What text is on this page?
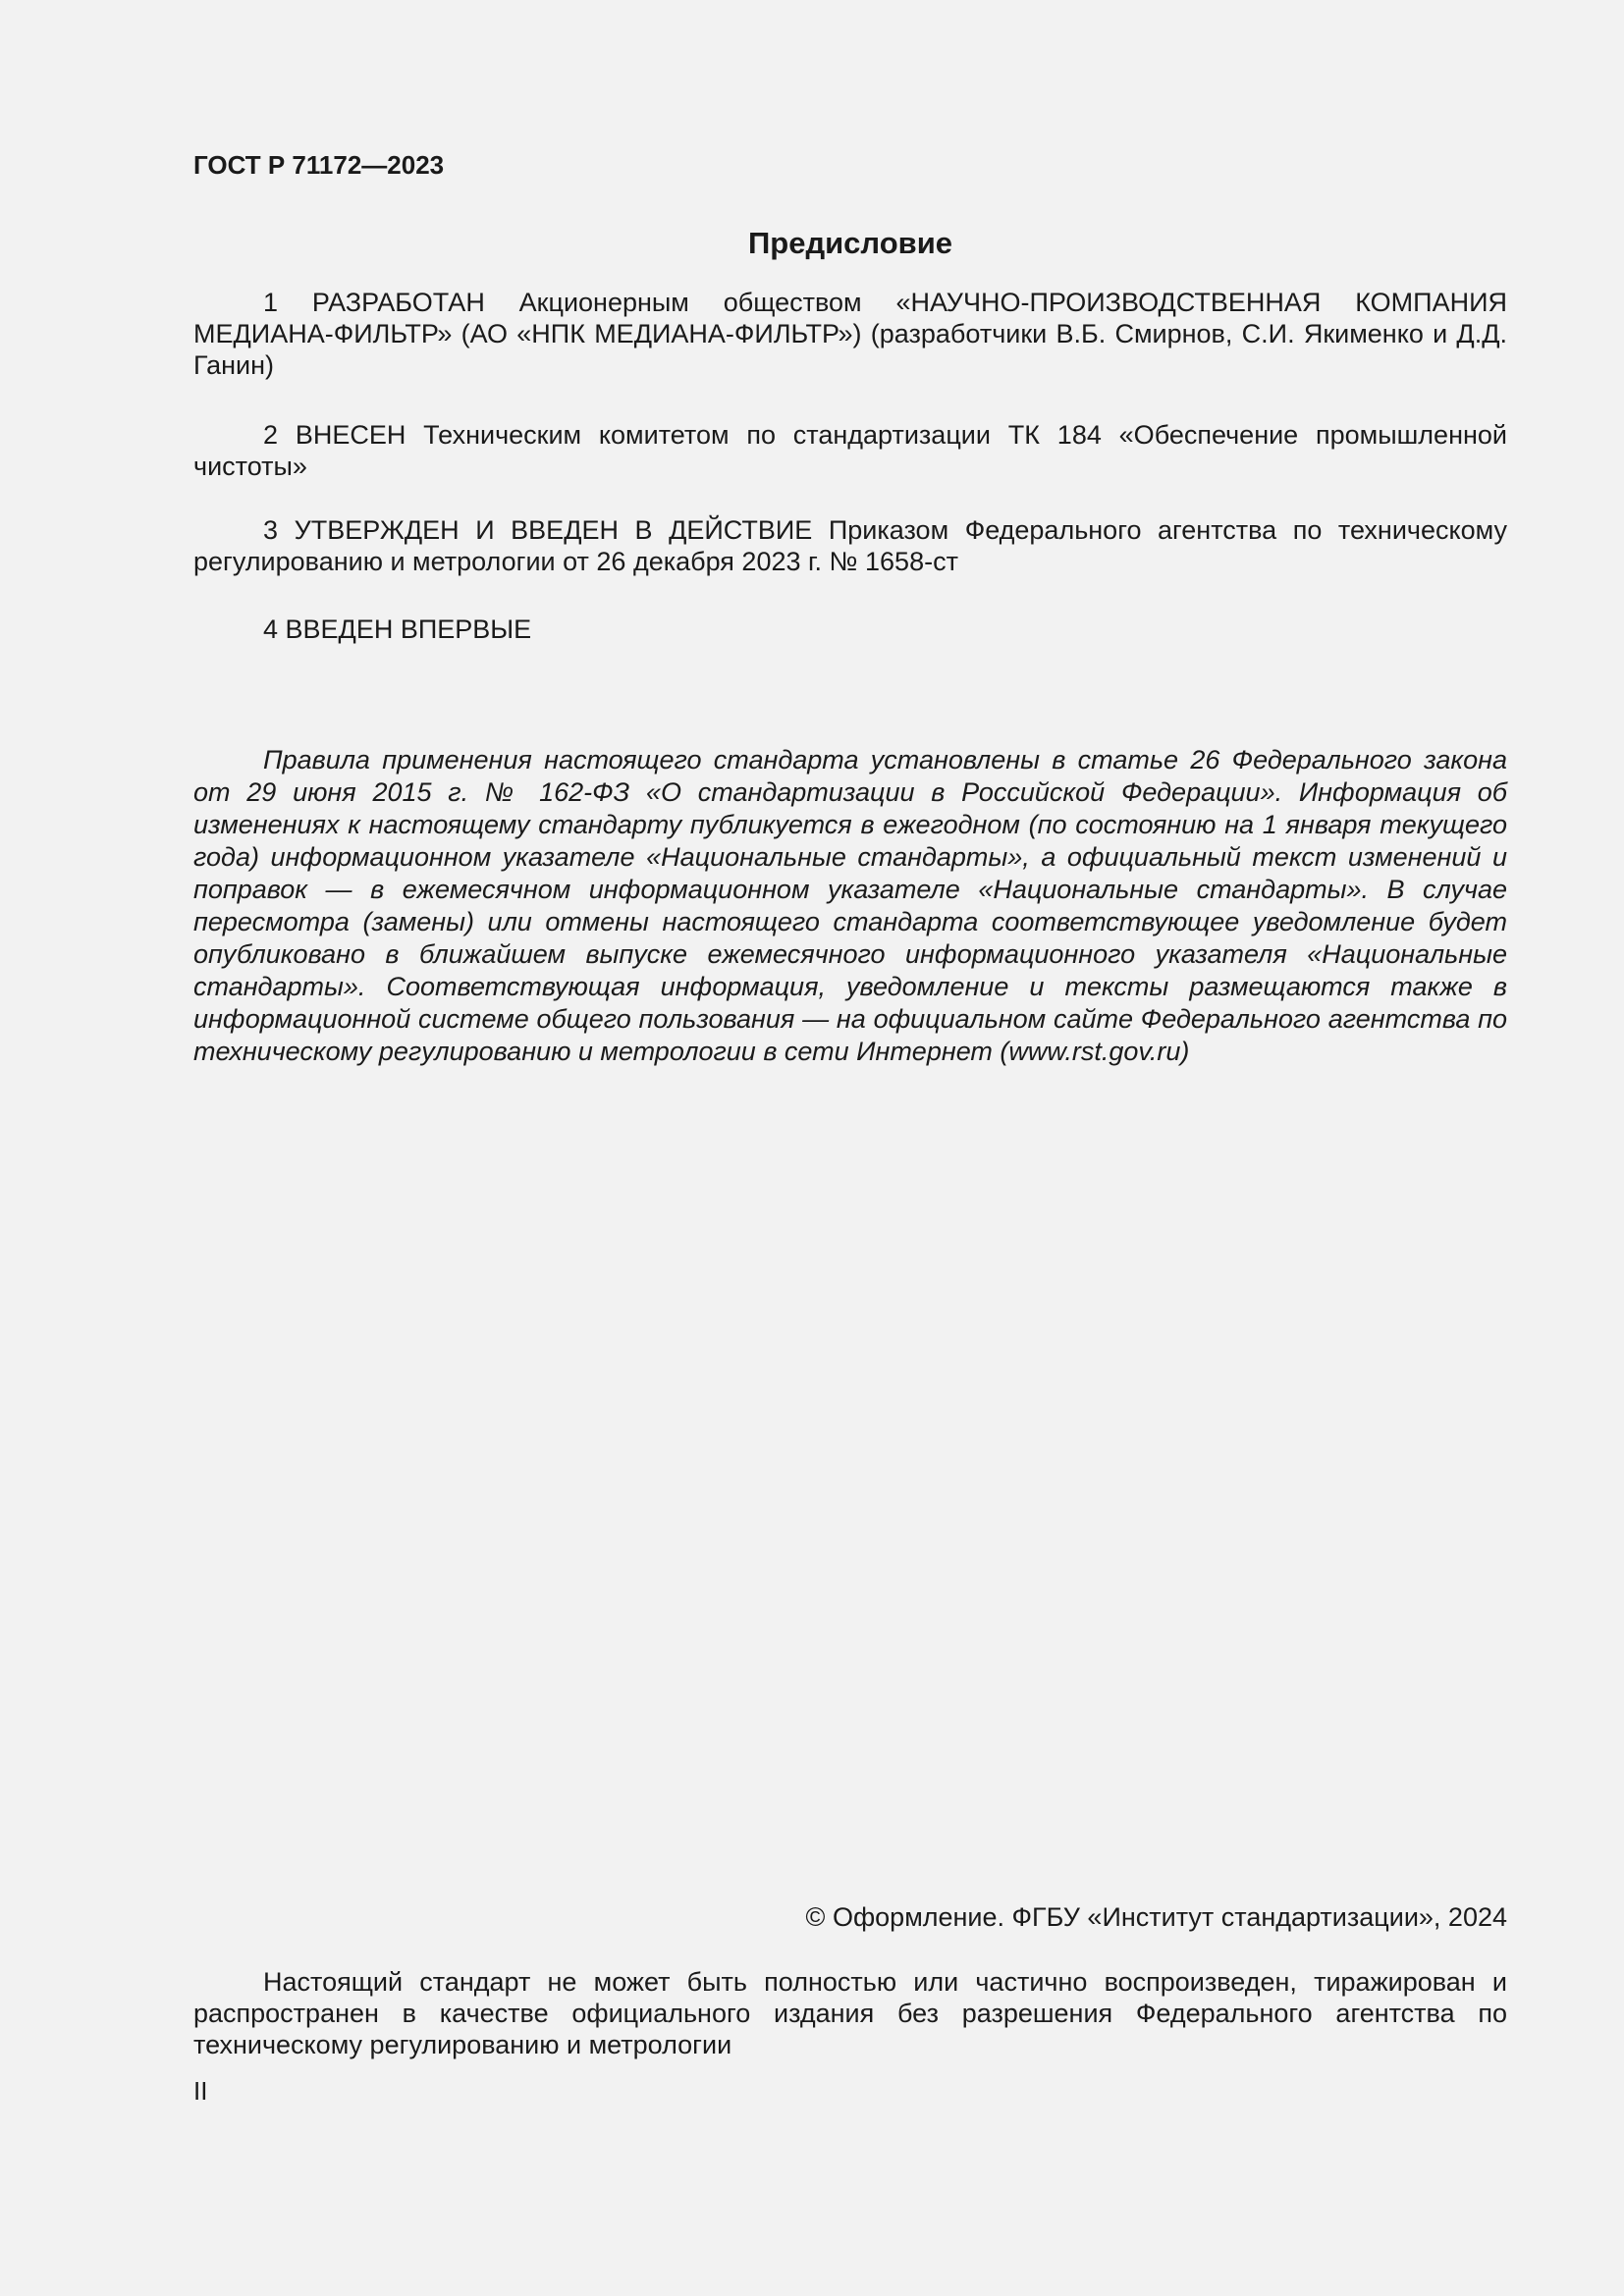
ГОСТ Р 71172—2023
Предисловие

1 РАЗРАБОТАН Акционерным обществом «НАУЧНО-ПРОИЗВОДСТВЕННАЯ КОМПАНИЯ МЕДИАНА-ФИЛЬТР» (АО «НПК МЕДИАНА-ФИЛЬТР») (разработчики В.Б. Смирнов, С.И. Якименко и Д.Д. Ганин)

2 ВНЕСЕН Техническим комитетом по стандартизации ТК 184 «Обеспечение промышленной чистоты»

3 УТВЕРЖДЕН И ВВЕДЕН В ДЕЙСТВИЕ Приказом Федерального агентства по техническому регулированию и метрологии от 26 декабря 2023 г. № 1658-ст

4 ВВЕДЕН ВПЕРВЫЕ

Правила применения настоящего стандарта установлены в статье 26 Федерального закона от 29 июня 2015 г. № 162-ФЗ «О стандартизации в Российской Федерации». Информация об изменениях к настоящему стандарту публикуется в ежегодном (по состоянию на 1 января текущего года) информационном указателе «Национальные стандарты», а официальный текст изменений и поправок — в ежемесячном информационном указателе «Национальные стандарты». В случае пересмотра (замены) или отмены настоящего стандарта соответствующее уведомление будет опубликовано в ближайшем выпуске ежемесячного информационного указателя «Национальные стандарты». Соответствующая информация, уведомление и тексты размещаются также в информационной системе общего пользования — на официальном сайте Федерального агентства по техническому регулированию и метрологии в сети Интернет (www.rst.gov.ru)

© Оформление. ФГБУ «Институт стандартизации», 2024

Настоящий стандарт не может быть полностью или частично воспроизведен, тиражирован и распространен в качестве официального издания без разрешения Федерального агентства по техническому регулированию и метрологии

II
